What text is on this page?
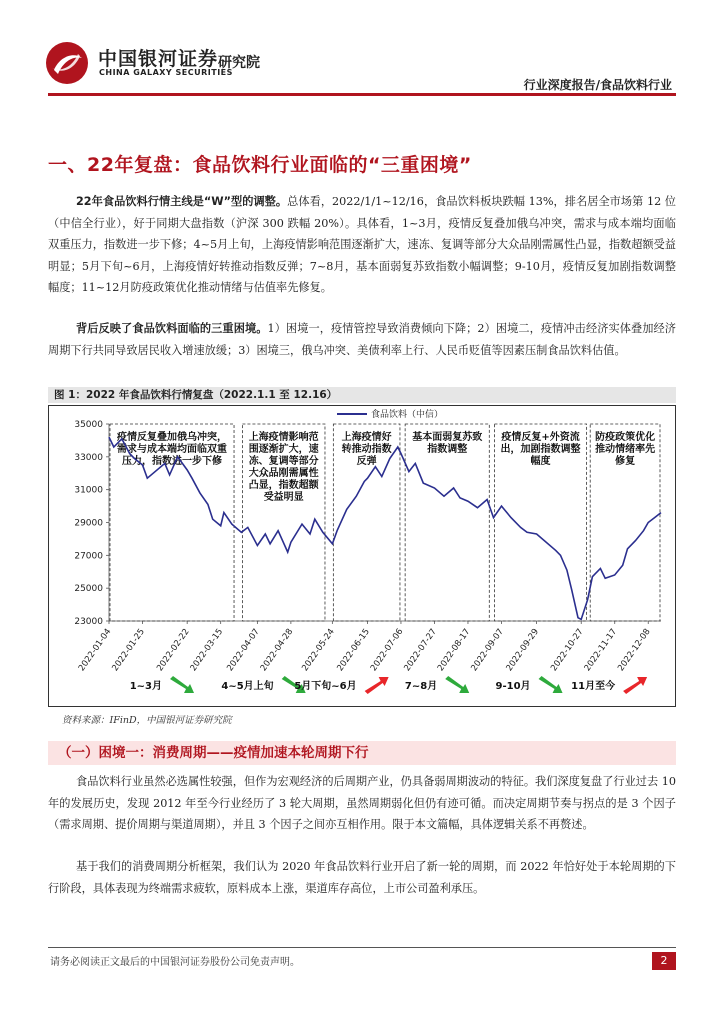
中国银河证券
CHINA GALAXY SECURITIES
研究院
行业深度报告/食品饮料行业
一、22年复盘：食品饮料行业面临的“三重困境”
22年食品饮料行情主线是“W”型的调整。总体看，2022/1/1~12/16，食品饮料板块跌幅 13%，排名居全市场第 12 位（中信全行业），好于同期大盘指数（沪深 300 跌幅 20%）。具体看，1~3月，疫情反复叠加俄乌冲突，需求与成本端均面临双重压力，指数进一步下修；4~5月上旬，上海疫情影响范围逐渐扩大，速冻、复调等部分大众品刚需属性凸显，指数超额受益明显；5月下旬~6月，上海疫情好转推动指数反弹；7~8月，基本面弱复苏致指数小幅调整；9-10月，疫情反复加剧指数调整幅度；11~12月防疫政策优化推动情绪与估值率先修复。
背后反映了食品饮料面临的三重困境。1）困境一，疫情管控导致消费倾向下降；2）困境二，疫情冲击经济实体叠加经济周期下行共同导致居民收入增速放缓；3）困境三，俄乌冲突、美债利率上行、人民币贬值等因素压制食品饮料估值。
图 1：2022 年食品饮料行情复盘（2022.1.1 至 12.16）
23000
25000
27000
29000
31000
33000
35000
2022-01-04
2022-01-25 2022-02-22
2022-03-15 2022-04-07
2022-04-28 2022-05-24
2022-06-15
2022-07-06
2022-07-27
2022-08-17
2022-09-07
2022-09-29 2022-10-27
2022-11-17
2022-12-08
疫情反复叠加俄乌冲突，需求与成本端均面临双重压力，指数进一步下修
上海疫情影响范围逐渐扩大，速冻、复调等部分大众品刚需属性凸显，指数超额受益明显
上海疫情好转推动指数反弹
基本面弱复苏致指数调整
疫情反复+外资流出，加剧指数调整幅度
防疫政策优化推动情绪率先修复
食品饮料（中信）
1~3月	4~5月上旬 5月下旬~6月	7~8月	9-10月	11月至今
资料来源：IFinD，中国银河证券研究院
（一）困境一：消费周期——疫情加速本轮周期下行
食品饮料行业虽然必选属性较强，但作为宏观经济的后周期产业，仍具备弱周期波动的特征。我们深度复盘了行业过去 10 年的发展历史，发现 2012 年至今行业经历了 3 轮大周期，虽然周期弱化但仍有迹可循。而决定周期节奏与拐点的是 3 个因子（需求周期、提价周期与渠道周期），并且 3 个因子之间亦互相作用。限于本文篇幅，具体逻辑关系不再赘述。
基于我们的消费周期分析框架，我们认为 2020 年食品饮料行业开启了新一轮的周期，而 2022 年恰好处于本轮周期的下行阶段，具体表现为终端需求疲软，原料成本上涨，渠道库存高位，上市公司盈利承压。
请务必阅读正文最后的中国银河证券股份公司免责声明。	2
